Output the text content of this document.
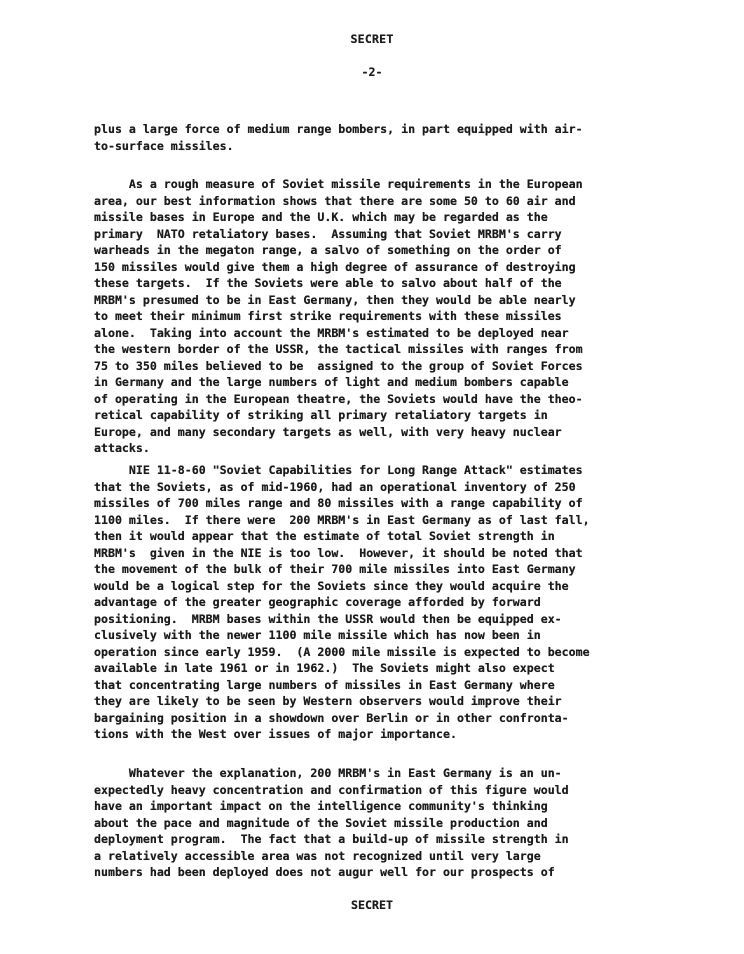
SECRET
-2-
plus a large force of medium range bombers, in part equipped with air-
to-surface missiles.
As a rough measure of Soviet missile requirements in the European
area, our best information shows that there are some 50 to 60 air and
missile bases in Europe and the U.K. which may be regarded as the
primary  NATO retaliatory bases.  Assuming that Soviet MRBM's carry
warheads in the megaton range, a salvo of something on the order of
150 missiles would give them a high degree of assurance of destroying
these targets.  If the Soviets were able to salvo about half of the
MRBM's presumed to be in East Germany, then they would be able nearly
to meet their minimum first strike requirements with these missiles
alone.  Taking into account the MRBM's estimated to be deployed near
the western border of the USSR, the tactical missiles with ranges from
75 to 350 miles believed to be  assigned to the group of Soviet Forces
in Germany and the large numbers of light and medium bombers capable
of operating in the European theatre, the Soviets would have the theo-
retical capability of striking all primary retaliatory targets in
Europe, and many secondary targets as well, with very heavy nuclear
attacks.
NIE 11-8-60 "Soviet Capabilities for Long Range Attack" estimates
that the Soviets, as of mid-1960, had an operational inventory of 250
missiles of 700 miles range and 80 missiles with a range capability of
1100 miles.  If there were  200 MRBM's in East Germany as of last fall,
then it would appear that the estimate of total Soviet strength in
MRBM's  given in the NIE is too low.  However, it should be noted that
the movement of the bulk of their 700 mile missiles into East Germany
would be a logical step for the Soviets since they would acquire the
advantage of the greater geographic coverage afforded by forward
positioning.  MRBM bases within the USSR would then be equipped ex-
clusively with the newer 1100 mile missile which has now been in
operation since early 1959.  (A 2000 mile missile is expected to become
available in late 1961 or in 1962.)  The Soviets might also expect
that concentrating large numbers of missiles in East Germany where
they are likely to be seen by Western observers would improve their
bargaining position in a showdown over Berlin or in other confronta-
tions with the West over issues of major importance.
Whatever the explanation, 200 MRBM's in East Germany is an un-
expectedly heavy concentration and confirmation of this figure would
have an important impact on the intelligence community's thinking
about the pace and magnitude of the Soviet missile production and
deployment program.  The fact that a build-up of missile strength in
a relatively accessible area was not recognized until very large
numbers had been deployed does not augur well for our prospects of
SECRET
